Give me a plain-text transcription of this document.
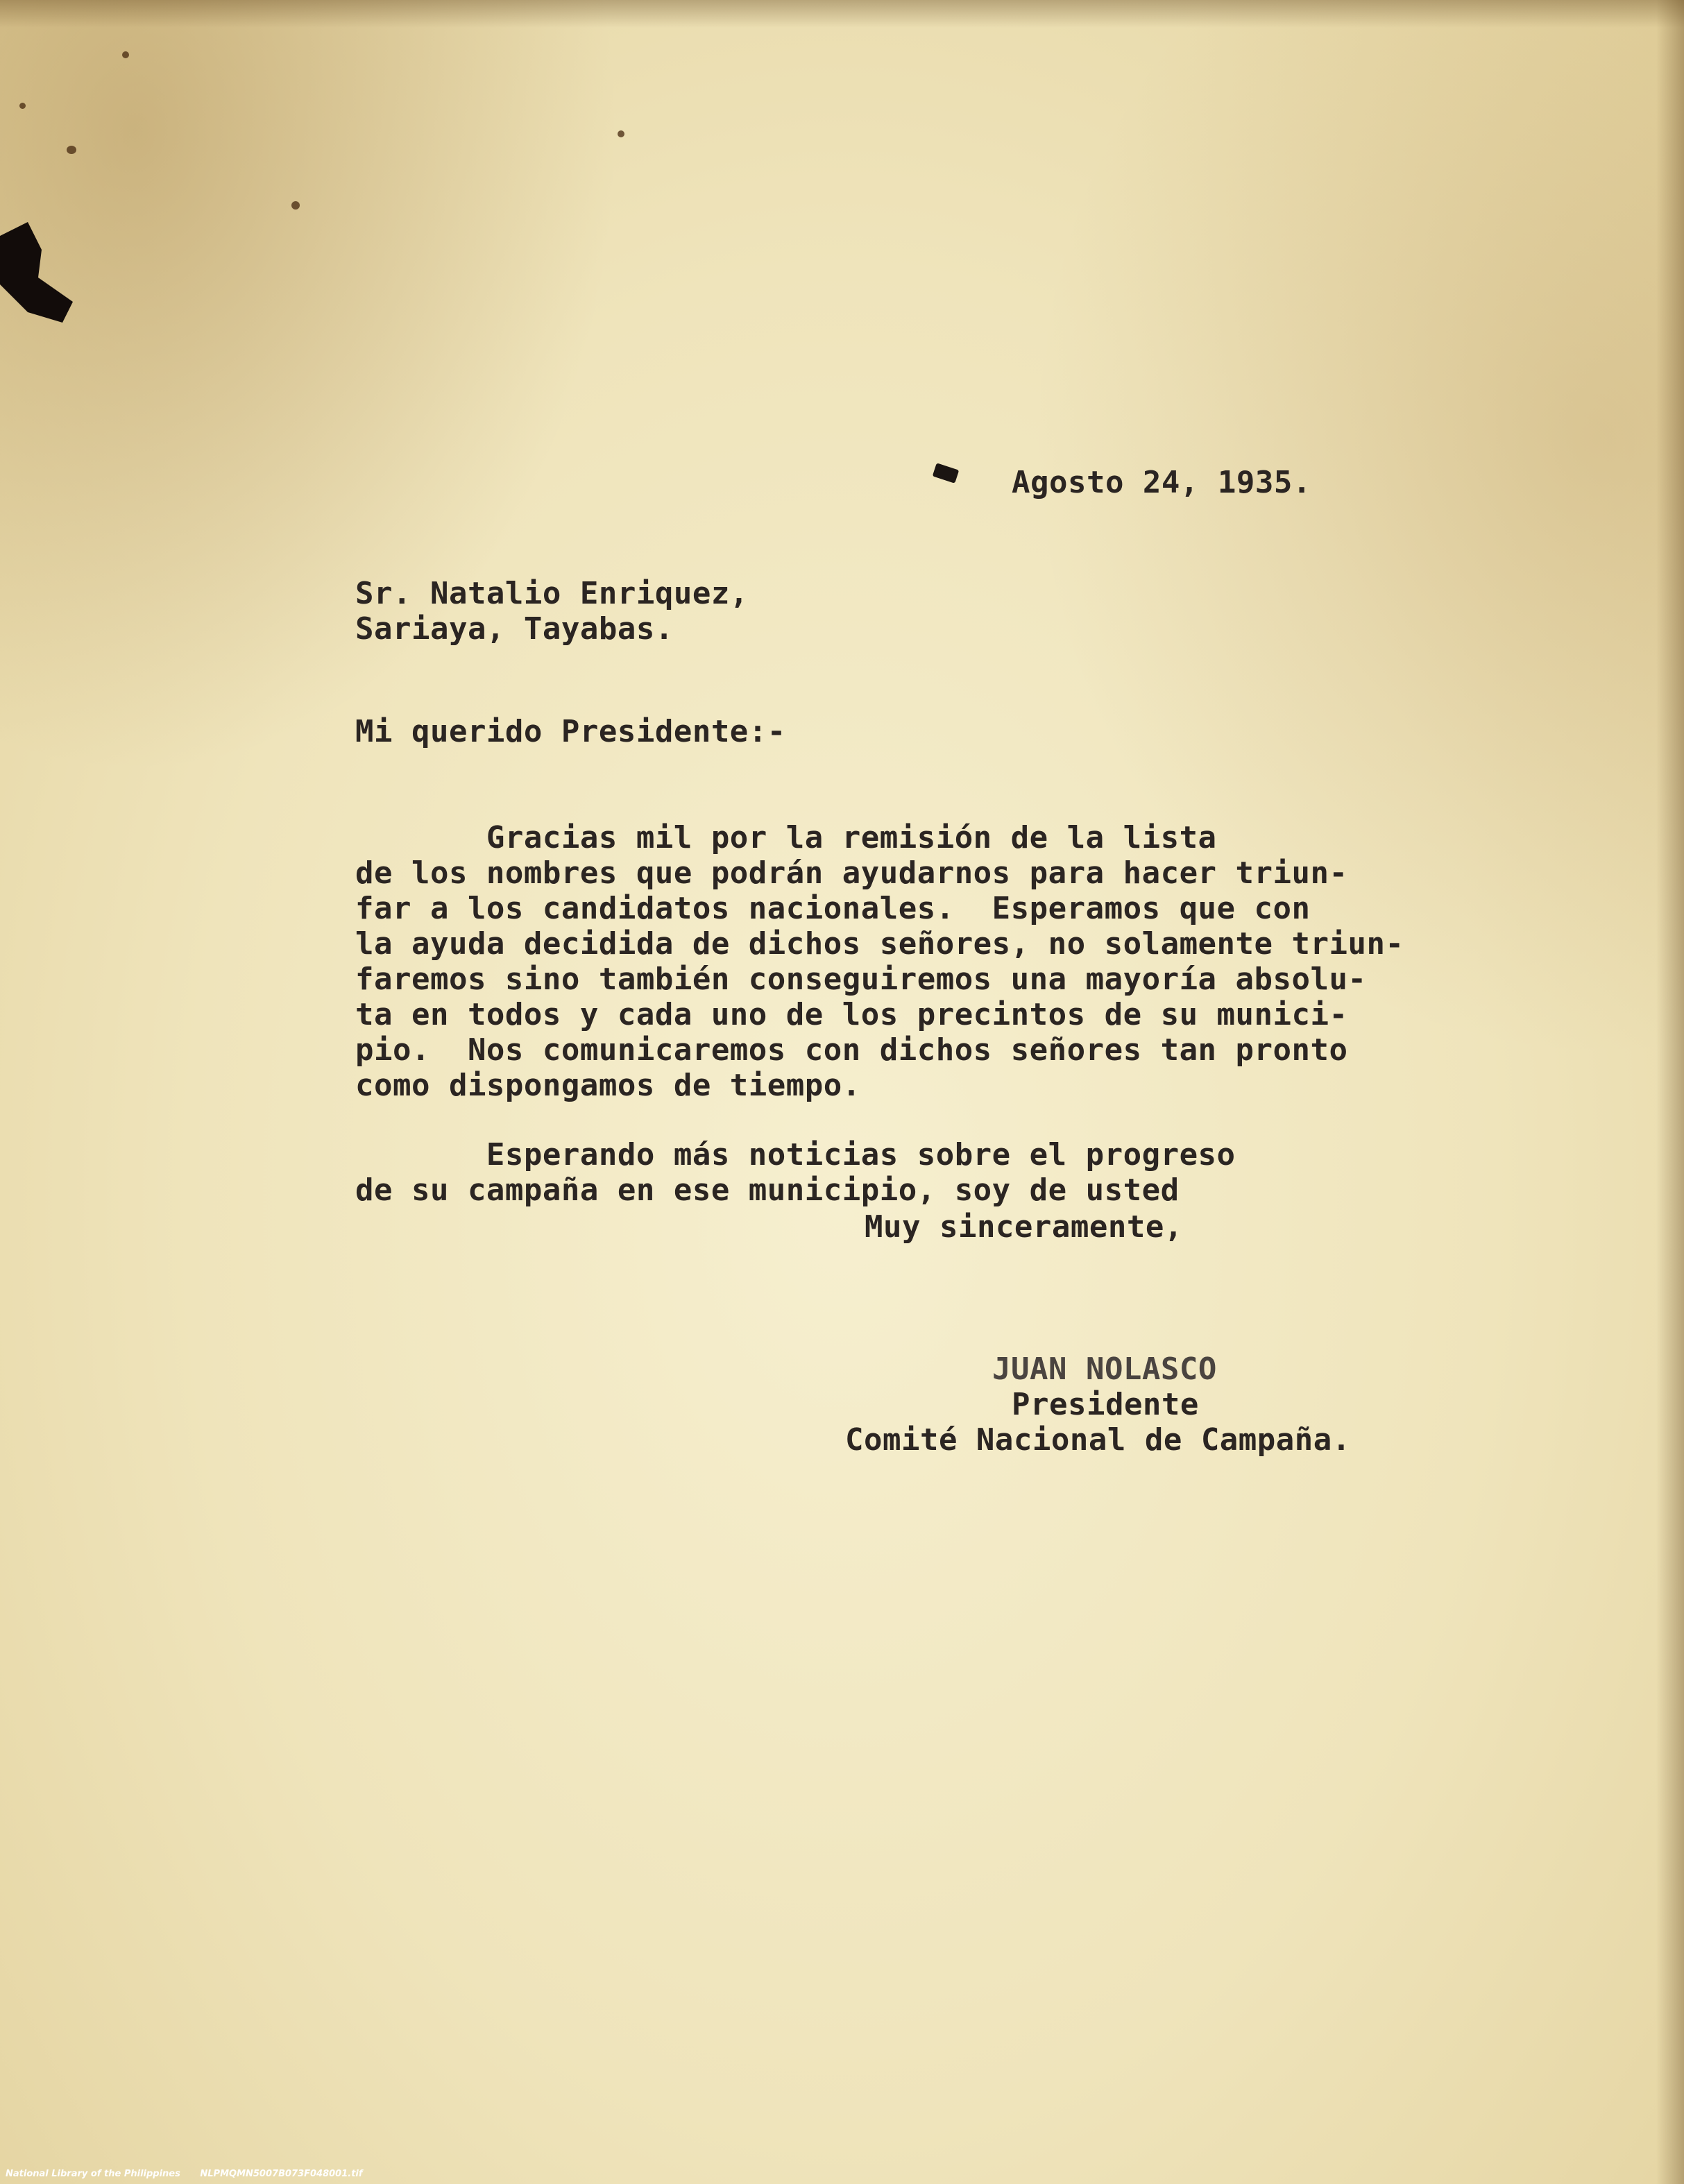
Agosto 24, 1935.
Sr. Natalio Enriquez,
Sariaya, Tayabas.
Mi querido Presidente:-

Gracias mil por la remisión de la lista
de los nombres que podrán ayudarnos para hacer triun-
far a los candidatos nacionales.  Esperamos que con
la ayuda decidida de dichos señores, no solamente triun-
faremos sino también conseguiremos una mayoría absolu-
ta en todos y cada uno de los precintos de su munici-
pio.  Nos comunicaremos con dichos señores tan pronto
como dispongamos de tiempo.

Esperando más noticias sobre el progreso
de su campaña en ese municipio, soy de usted

Muy sinceramente,
JUAN NOLASCO
Presidente
Comité Nacional de Campaña.
National Library of the Philippines NLPMQMN5007B073F048001.tif
